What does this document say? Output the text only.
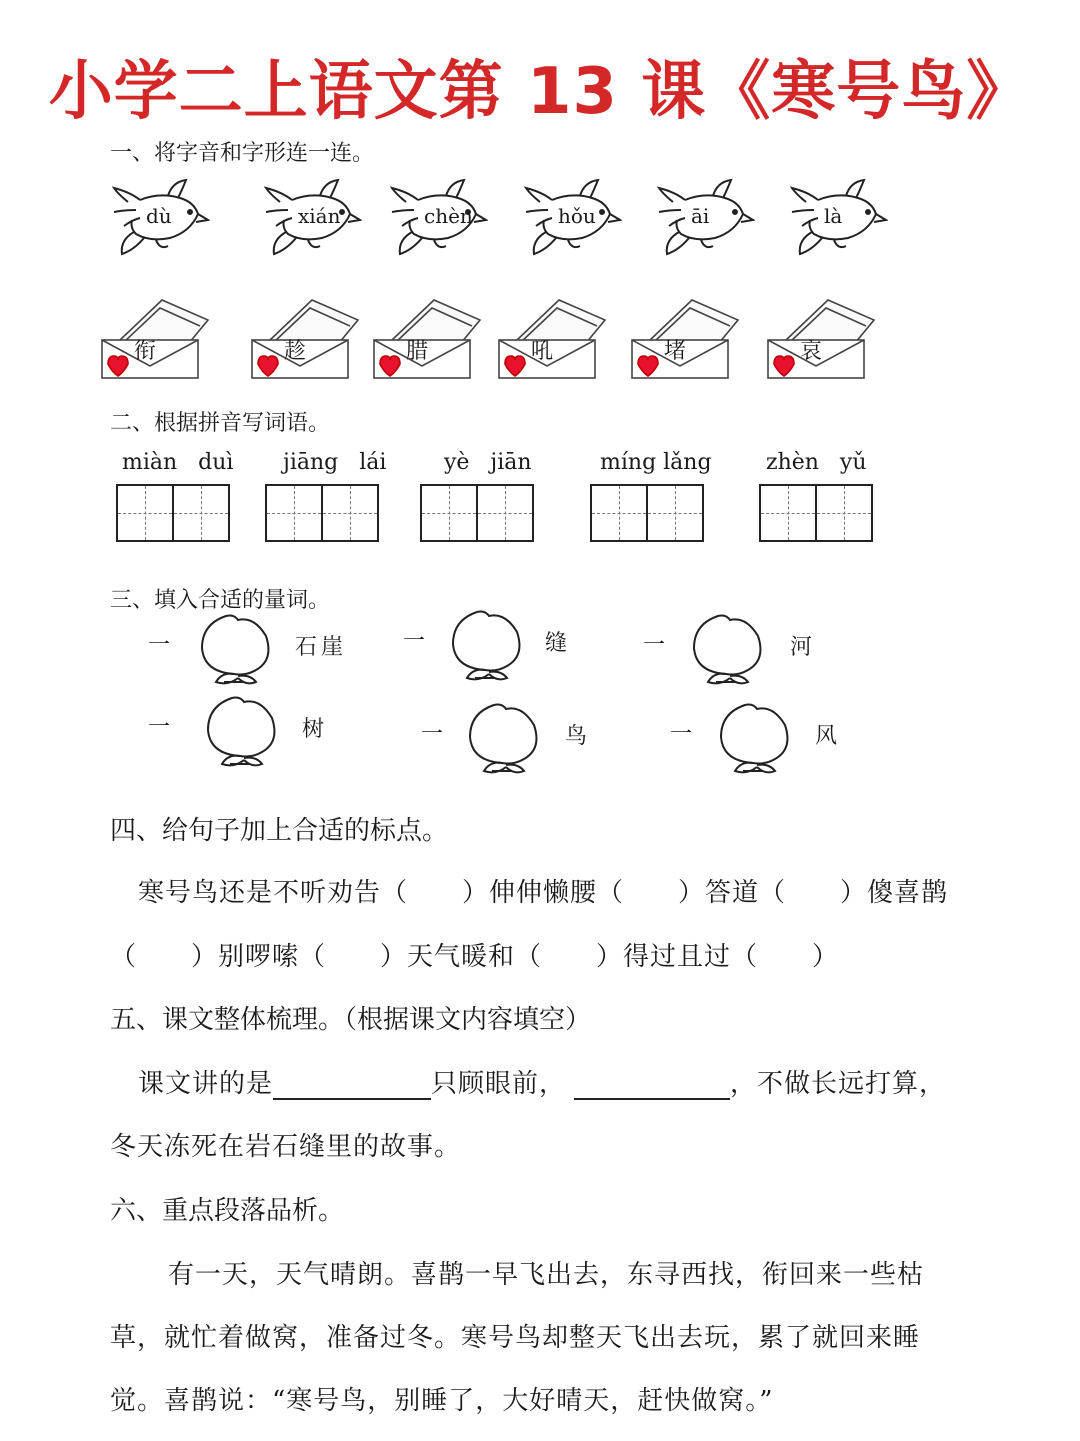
小学二上语文第 13 课《寒号鸟》
一、将字音和字形连一连。
dù	xián	chèn	hǒu	āi	là
衔	趁	腊	吼	堵	哀
二、根据拼音写词语。
miàn   duì jiāng   lái	yè   jiān	míng lǎng zhèn   yǔ
三、填入合适的量词。
一	石崖	一	缝	一	河
一	树	一	鸟	一	风
四、给句子加上合适的标点。
寒号鸟还是不听劝告（　　）伸伸懒腰（　　）答道（　　）傻喜鹊
（　　）别啰嗦（　　）天气暖和（　　）得过且过（　　）
五、课文整体梳理。（根据课文内容填空）
课文讲的是	只顾眼前，	，不做长远打算，
冬天冻死在岩石缝里的故事。
六、重点段落品析。
有一天，天气晴朗。喜鹊一早飞出去，东寻西找，衔回来一些枯
草，就忙着做窝，准备过冬。寒号鸟却整天飞出去玩，累了就回来睡
觉。喜鹊说：“寒号鸟，别睡了，大好晴天，赶快做窝。”
